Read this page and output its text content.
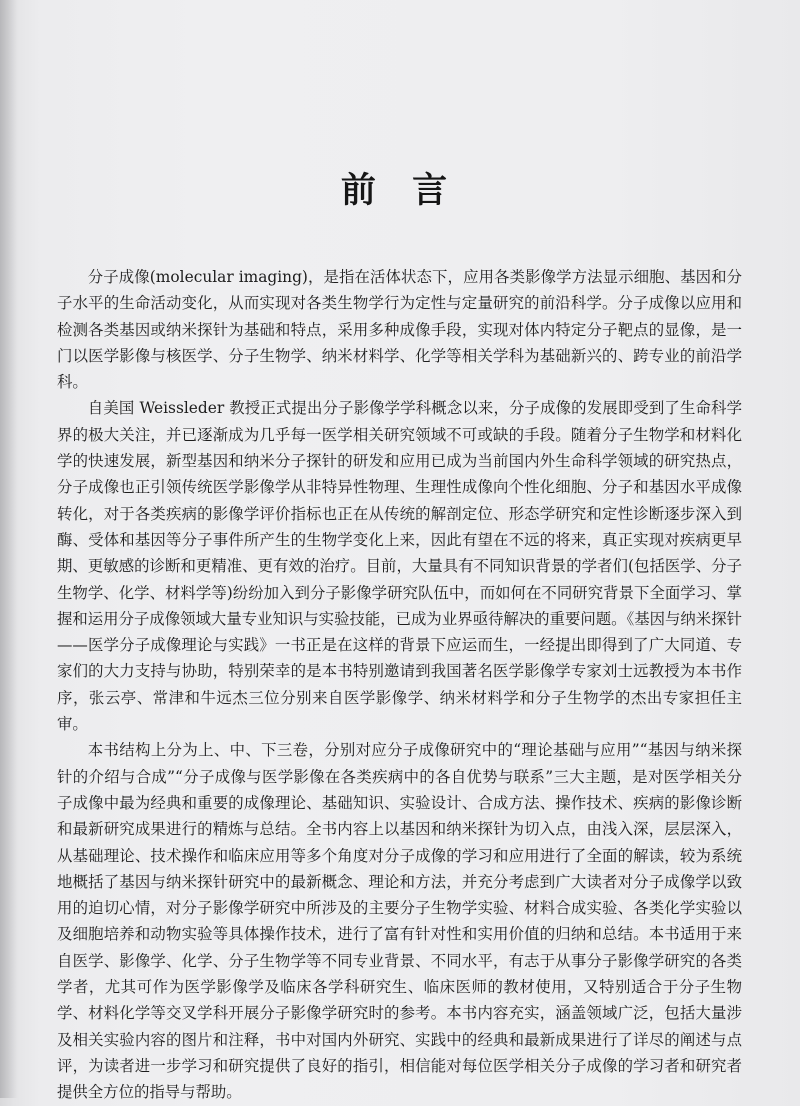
前 言

分子成像(molecular imaging)，是指在活体状态下，应用各类影像学方法显示细胞、基因和分子水平的生命活动变化，从而实现对各类生物学行为定性与定量研究的前沿科学。分子成像以应用和检测各类基因或纳米探针为基础和特点，采用多种成像手段，实现对体内特定分子靶点的显像，是一门以医学影像与核医学、分子生物学、纳米材料学、化学等相关学科为基础新兴的、跨专业的前沿学科。

自美国 Weissleder 教授正式提出分子影像学学科概念以来，分子成像的发展即受到了生命科学界的极大关注，并已逐渐成为几乎每一医学相关研究领域不可或缺的手段。随着分子生物学和材料化学的快速发展，新型基因和纳米分子探针的研发和应用已成为当前国内外生命科学领域的研究热点，分子成像也正引领传统医学影像学从非特异性物理、生理性成像向个性化细胞、分子和基因水平成像转化，对于各类疾病的影像学评价指标也正在从传统的解剖定位、形态学研究和定性诊断逐步深入到酶、受体和基因等分子事件所产生的生物学变化上来，因此有望在不远的将来，真正实现对疾病更早期、更敏感的诊断和更精准、更有效的治疗。目前，大量具有不同知识背景的学者们(包括医学、分子生物学、化学、材料学等)纷纷加入到分子影像学研究队伍中，而如何在不同研究背景下全面学习、掌握和运用分子成像领域大量专业知识与实验技能，已成为业界亟待解决的重要问题。《基因与纳米探针——医学分子成像理论与实践》一书正是在这样的背景下应运而生，一经提出即得到了广大同道、专家们的大力支持与协助，特别荣幸的是本书特别邀请到我国著名医学影像学专家刘士远教授为本书作序，张云亭、常津和牛远杰三位分别来自医学影像学、纳米材料学和分子生物学的杰出专家担任主审。

本书结构上分为上、中、下三卷，分别对应分子成像研究中的“理论基础与应用”“基因与纳米探针的介绍与合成”“分子成像与医学影像在各类疾病中的各自优势与联系”三大主题，是对医学相关分子成像中最为经典和重要的成像理论、基础知识、实验设计、合成方法、操作技术、疾病的影像诊断和最新研究成果进行的精炼与总结。全书内容上以基因和纳米探针为切入点，由浅入深，层层深入，从基础理论、技术操作和临床应用等多个角度对分子成像的学习和应用进行了全面的解读，较为系统地概括了基因与纳米探针研究中的最新概念、理论和方法，并充分考虑到广大读者对分子成像学以致用的迫切心情，对分子影像学研究中所涉及的主要分子生物学实验、材料合成实验、各类化学实验以及细胞培养和动物实验等具体操作技术，进行了富有针对性和实用价值的归纳和总结。本书适用于来自医学、影像学、化学、分子生物学等不同专业背景、不同水平，有志于从事分子影像学研究的各类学者，尤其可作为医学影像学及临床各学科研究生、临床医师的教材使用，又特别适合于分子生物学、材料化学等交叉学科开展分子影像学研究时的参考。本书内容充实，涵盖领域广泛，包括大量涉及相关实验内容的图片和注释，书中对国内外研究、实践中的经典和最新成果进行了详尽的阐述与点评，为读者进一步学习和研究提供了良好的指引，相信能对每位医学相关分子成像的学习者和研究者提供全方位的指导与帮助。
